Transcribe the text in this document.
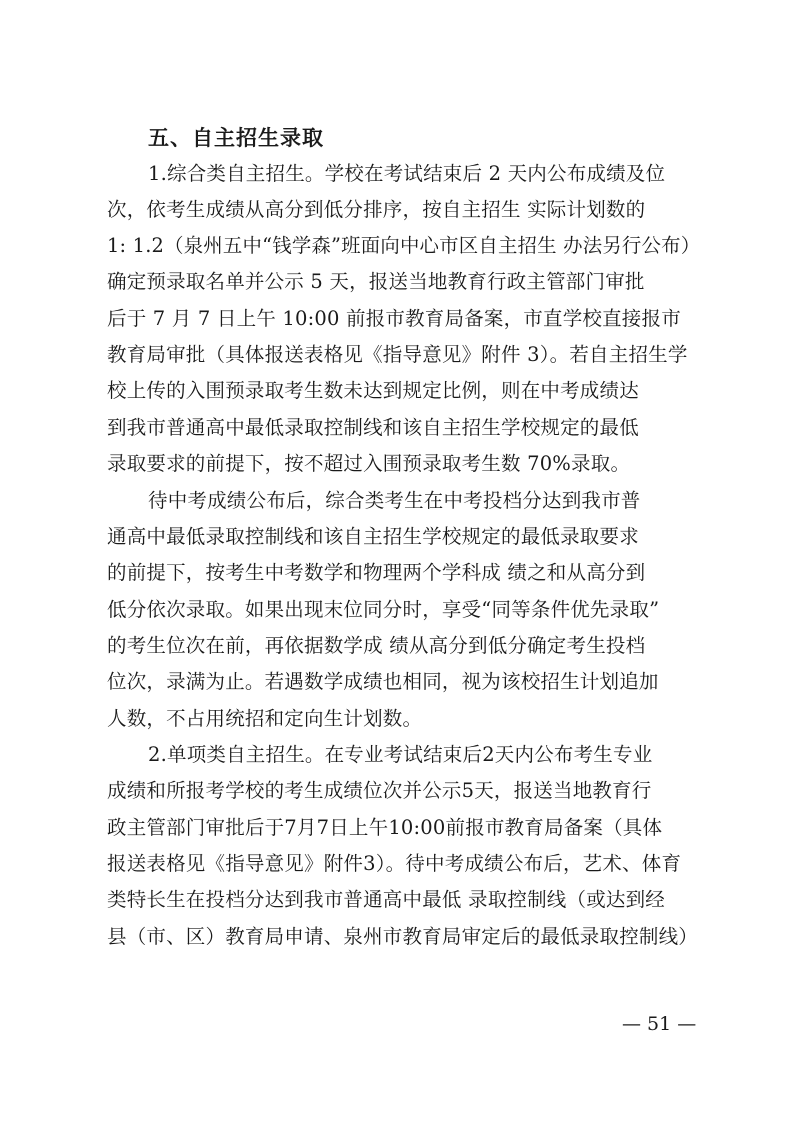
五、自主招生录取
1.综合类自主招生。学校在考试结束后 2 天内公布成绩及位
次，依考生成绩从高分到低分排序，按自主招生 实际计划数的
1: 1.2（泉州五中“钱学森”班面向中心市区自主招生 办法另行公布）
确定预录取名单并公示 5 天，报送当地教育行政主管部门审批
后于 7 月 7 日上午 10:00 前报市教育局备案，市直学校直接报市
教育局审批（具体报送表格见《指导意见》附件 3）。若自主招生学
校上传的入围预录取考生数未达到规定比例，则在中考成绩达
到我市普通高中最低录取控制线和该自主招生学校规定的最低
录取要求的前提下，按不超过入围预录取考生数 70%录取。
待中考成绩公布后，综合类考生在中考投档分达到我市普
通高中最低录取控制线和该自主招生学校规定的最低录取要求
的前提下，按考生中考数学和物理两个学科成 绩之和从高分到
低分依次录取。如果出现末位同分时，享受“同等条件优先录取”
的考生位次在前，再依据数学成 绩从高分到低分确定考生投档
位次，录满为止。若遇数学成绩也相同，视为该校招生计划追加
人数，不占用统招和定向生计划数。
2.单项类自主招生。在专业考试结束后2天内公布考生专业
成绩和所报考学校的考生成绩位次并公示5天，报送当地教育行
政主管部门审批后于7月7日上午10:00前报市教育局备案（具体
报送表格见《指导意见》附件3）。待中考成绩公布后，艺术、体育
类特长生在投档分达到我市普通高中最低 录取控制线（或达到经
县（市、区）教育局申请、泉州市教育局审定后的最低录取控制线）
— 51 —
